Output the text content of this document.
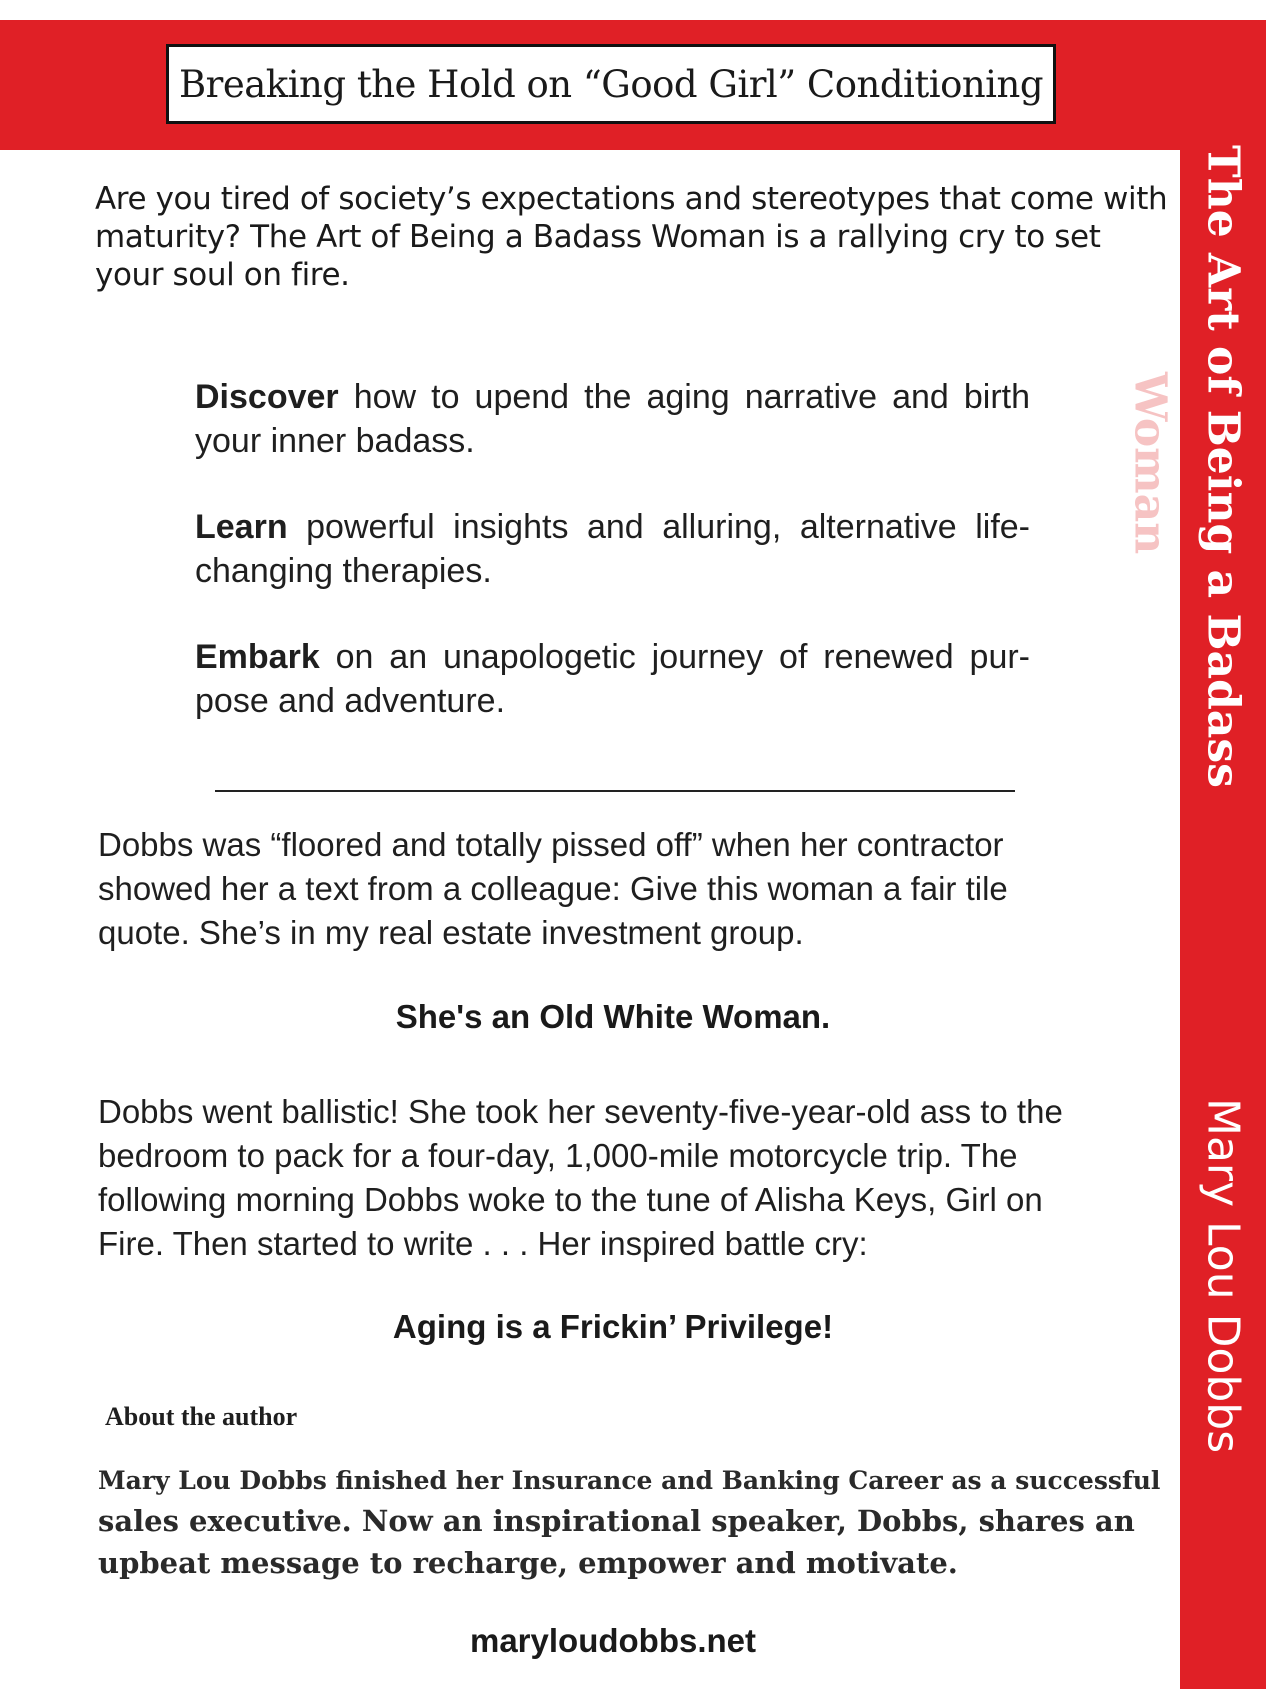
Breaking the Hold on “Good Girl” Conditioning
Are you tired of society’s expectations and stereotypes that come with maturity? The Art of Being a Badass Woman is a rallying cry to set your soul on fire.

Discover how to upend the aging narrative and birth your inner badass.

Learn powerful insights and alluring, alternative life-changing therapies.

Embark on an unapologetic journey of renewed pur-pose and adventure.

Dobbs was “floored and totally pissed off” when her contractor showed her a text from a colleague: Give this woman a fair tile quote. She’s in my real estate investment group.
She's an Old White Woman.
Dobbs went ballistic! She took her seventy-five-year-old ass to the bedroom to pack for a four-day, 1,000-mile motorcycle trip. The following morning Dobbs woke to the tune of Alisha Keys, Girl on Fire. Then started to write . . . Her inspired battle cry:
Aging is a Frickin’ Privilege!
About the author
Mary Lou Dobbs finished her Insurance and Banking Career as a successful
sales executive. Now an inspirational speaker, Dobbs, shares an upbeat message to recharge, empower and motivate.
maryloudobbs.net
The Art of Being a Badass
Woman
Mary Lou Dobbs
